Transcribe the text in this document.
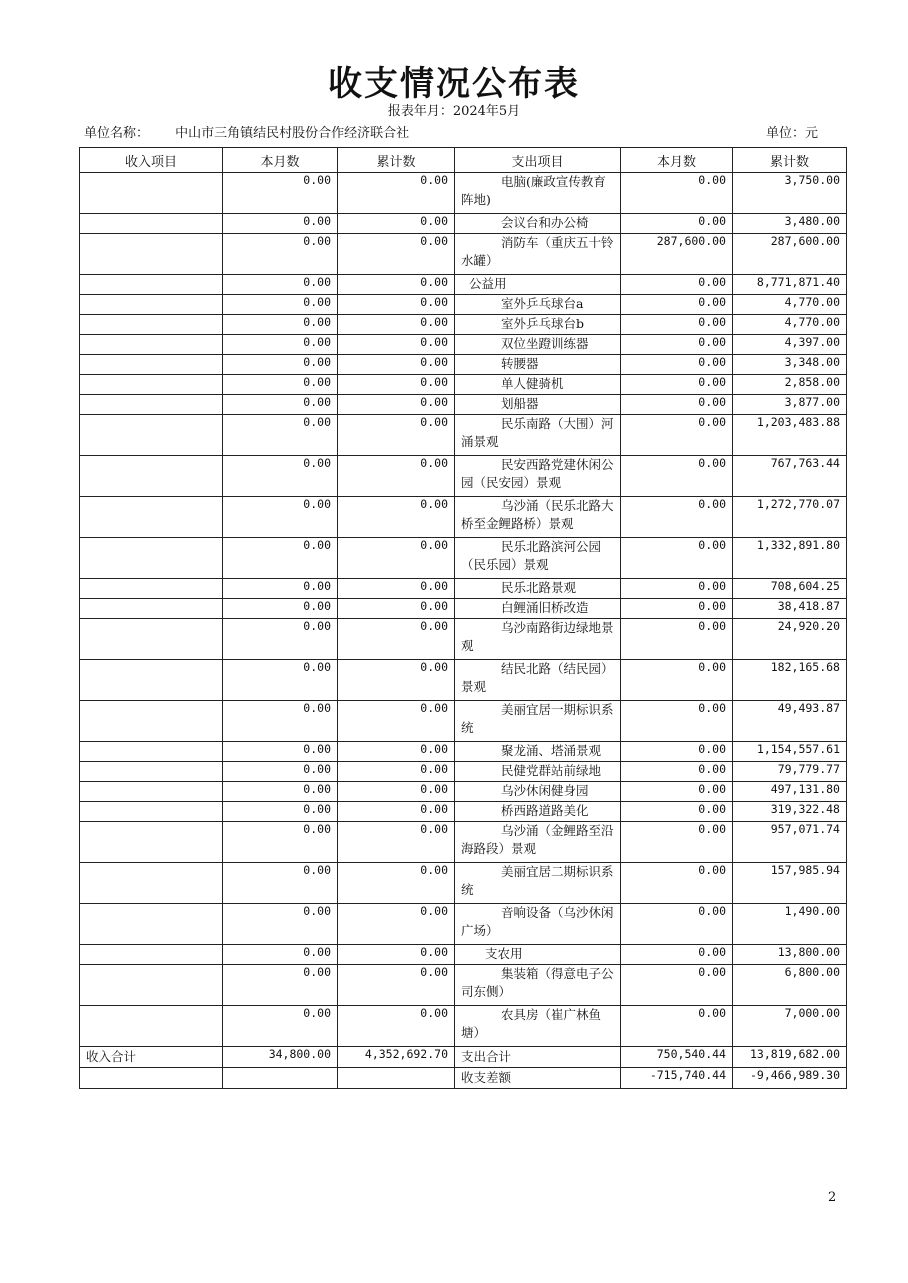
收支情况公布表
报表年月：2024年5月
单位名称： 中山市三角镇结民村股份合作经济联合社	单位：元
收入项目	本月数	累计数	支出项目	本月数	累计数
	0.00	0.00	电脑(廉政宣传教育阵地)	0.00	3,750.00
	0.00	0.00	会议台和办公椅	0.00	3,480.00
	0.00	0.00	消防车（重庆五十铃水罐）	287,600.00	287,600.00
	0.00	0.00	公益用	0.00	8,771,871.40
	0.00	0.00	室外乒乓球台a	0.00	4,770.00
	0.00	0.00	室外乒乓球台b	0.00	4,770.00
	0.00	0.00	双位坐蹬训练器	0.00	4,397.00
	0.00	0.00	转腰器	0.00	3,348.00
	0.00	0.00	单人健骑机	0.00	2,858.00
	0.00	0.00	划船器	0.00	3,877.00
	0.00	0.00	民乐南路（大围）河涌景观	0.00	1,203,483.88
	0.00	0.00	民安西路党建休闲公园（民安园）景观	0.00	767,763.44
	0.00	0.00	乌沙涌（民乐北路大桥至金鲤路桥）景观	0.00	1,272,770.07
	0.00	0.00	民乐北路滨河公园（民乐园）景观	0.00	1,332,891.80
	0.00	0.00	民乐北路景观	0.00	708,604.25
	0.00	0.00	白鲤涌旧桥改造	0.00	38,418.87
	0.00	0.00	乌沙南路街边绿地景观	0.00	24,920.20
	0.00	0.00	结民北路（结民园）景观	0.00	182,165.68
	0.00	0.00	美丽宜居一期标识系统	0.00	49,493.87
	0.00	0.00	聚龙涌、塔涌景观	0.00	1,154,557.61
	0.00	0.00	民健党群站前绿地	0.00	79,779.77
	0.00	0.00	乌沙休闲健身园	0.00	497,131.80
	0.00	0.00	桥西路道路美化	0.00	319,322.48
	0.00	0.00	乌沙涌（金鲤路至沿海路段）景观	0.00	957,071.74
	0.00	0.00	美丽宜居二期标识系统	0.00	157,985.94
	0.00	0.00	音响设备（乌沙休闲广场）	0.00	1,490.00
	0.00	0.00	支农用	0.00	13,800.00
	0.00	0.00	集装箱（得意电子公司东侧）	0.00	6,800.00
	0.00	0.00	农具房（崔广林鱼塘）	0.00	7,000.00
收入合计	34,800.00	4,352,692.70	支出合计	750,540.44	13,819,682.00
			收支差额	-715,740.44	-9,466,989.30
2
